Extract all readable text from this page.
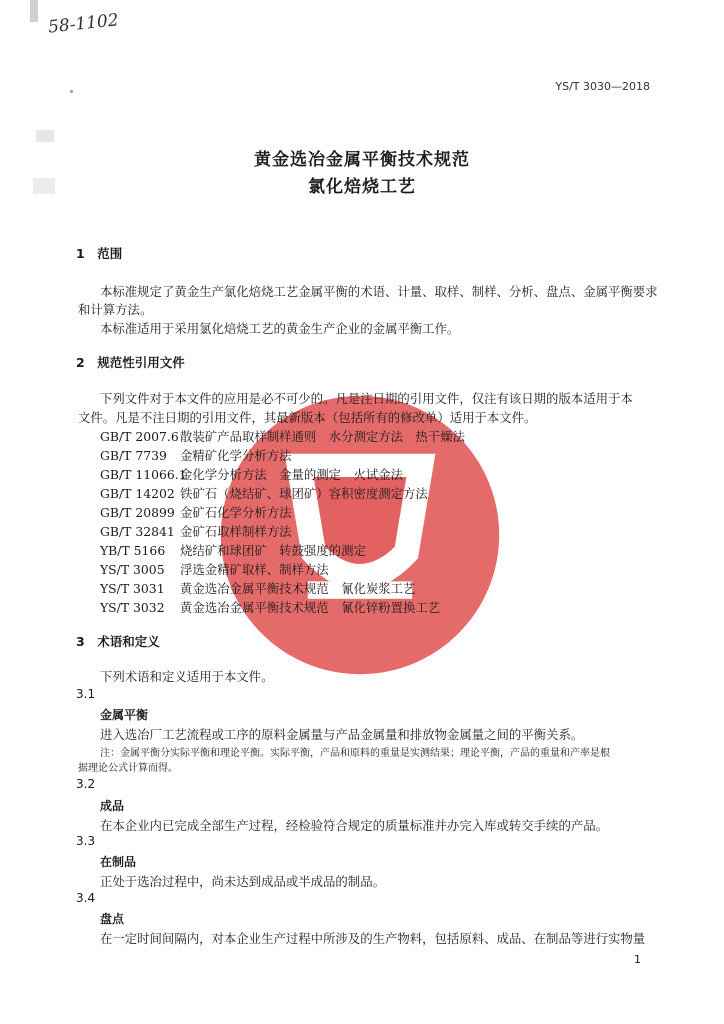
58-1102
YS/T 3030—2018
黄金选冶金属平衡技术规范
氯化焙烧工艺
1　范围
本标准规定了黄金生产氯化焙烧工艺金属平衡的术语、计量、取样、制样、分析、盘点、金属平衡要求
和计算方法。
本标准适用于采用氯化焙烧工艺的黄金生产企业的金属平衡工作。
2　规范性引用文件
下列文件对于本文件的应用是必不可少的。凡是注日期的引用文件，仅注有该日期的版本适用于本
文件。凡是不注日期的引用文件，其最新版本（包括所有的修改单）适用于本文件。
GB/T 2007.6散装矿产品取样制样通则　水分测定方法　热干燥法
GB/T 7739 金精矿化学分析方法
GB/T 11066.1金化学分析方法　金量的测定　火试金法
GB/T 14202 铁矿石（烧结矿、球团矿）容积密度测定方法
GB/T 20899 金矿石化学分析方法
GB/T 32841 金矿石取样制样方法
YB/T 5166 烧结矿和球团矿　转鼓强度的测定
YS/T 3005 浮选金精矿取样、制样方法
YS/T 3031 黄金选冶金属平衡技术规范　氰化炭浆工艺
YS/T 3032 黄金选冶金属平衡技术规范　氰化锌粉置换工艺
3　术语和定义
下列术语和定义适用于本文件。
3.1
金属平衡
进入选冶厂工艺流程或工序的原料金属量与产品金属量和排放物金属量之间的平衡关系。
注：金属平衡分实际平衡和理论平衡。实际平衡，产品和原料的重量是实测结果；理论平衡，产品的重量和产率是根
据理论公式计算而得。
3.2
成品
在本企业内已完成全部生产过程，经检验符合规定的质量标准并办完入库或转交手续的产品。
3.3
在制品
正处于选冶过程中，尚未达到成品或半成品的制品。
3.4
盘点
在一定时间间隔内，对本企业生产过程中所涉及的生产物料，包括原料、成品、在制品等进行实物量
1
